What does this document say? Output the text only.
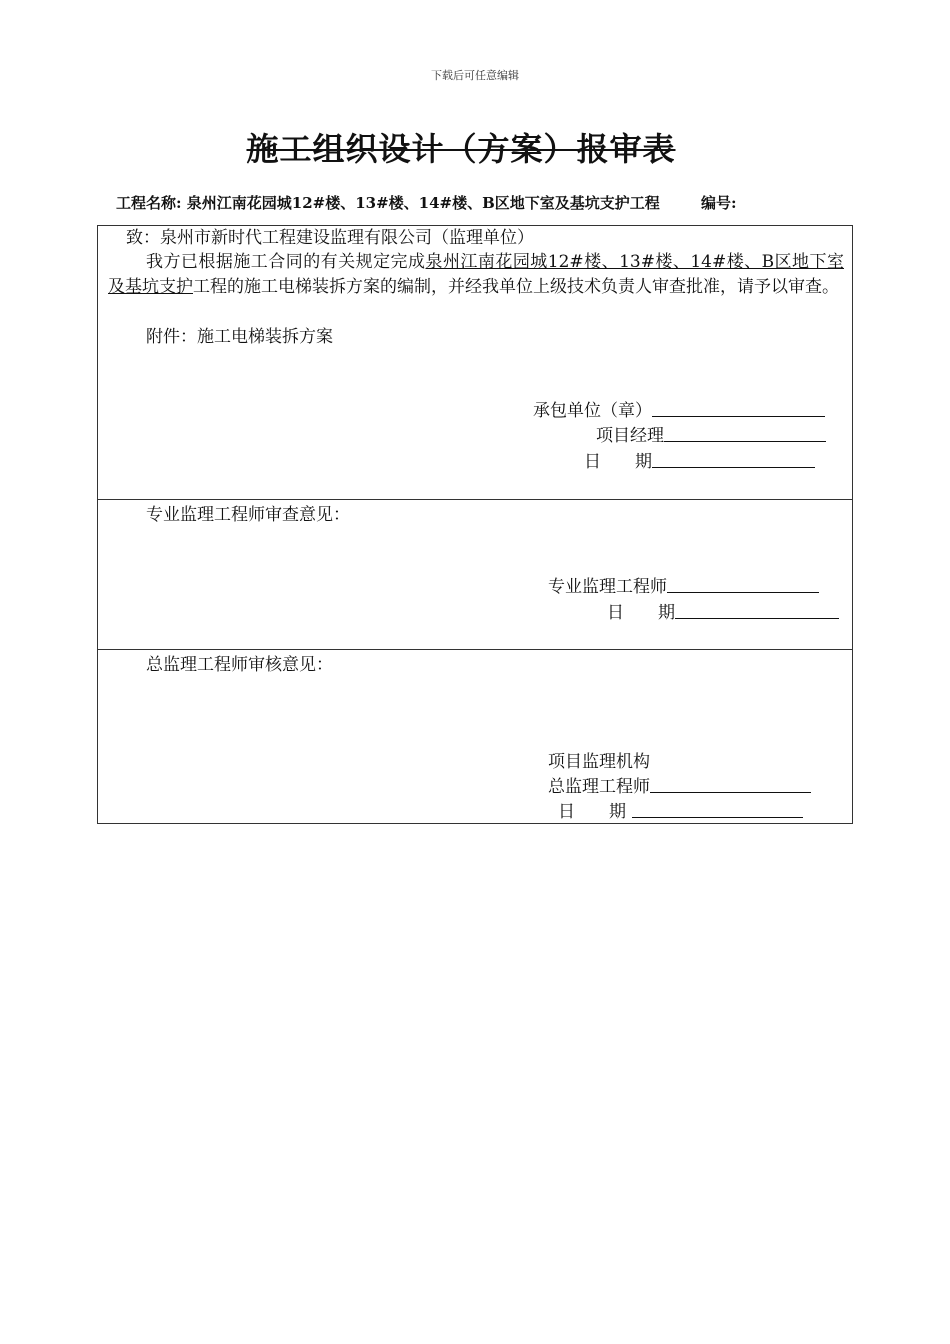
下载后可任意编辑
施工组织设计（方案）报审表
工程名称: 泉州江南花园城12#楼、13#楼、14#楼、B区地下室及基坑支护工程	编号:
致：泉州市新时代工程建设监理有限公司（监理单位）
我方已根据施工合同的有关规定完成泉州江南花园城12#楼、13#楼、14#楼、B区地下室及基坑支护工程的施工电梯装拆方案的编制，并经我单位上级技术负责人审查批准，请予以审查。
附件：施工电梯装拆方案
承包单位（章）
项目经理
日　　期
专业监理工程师审查意见：
专业监理工程师
日　　期
总监理工程师审核意见：
项目监理机构
总监理工程师
日　　期
